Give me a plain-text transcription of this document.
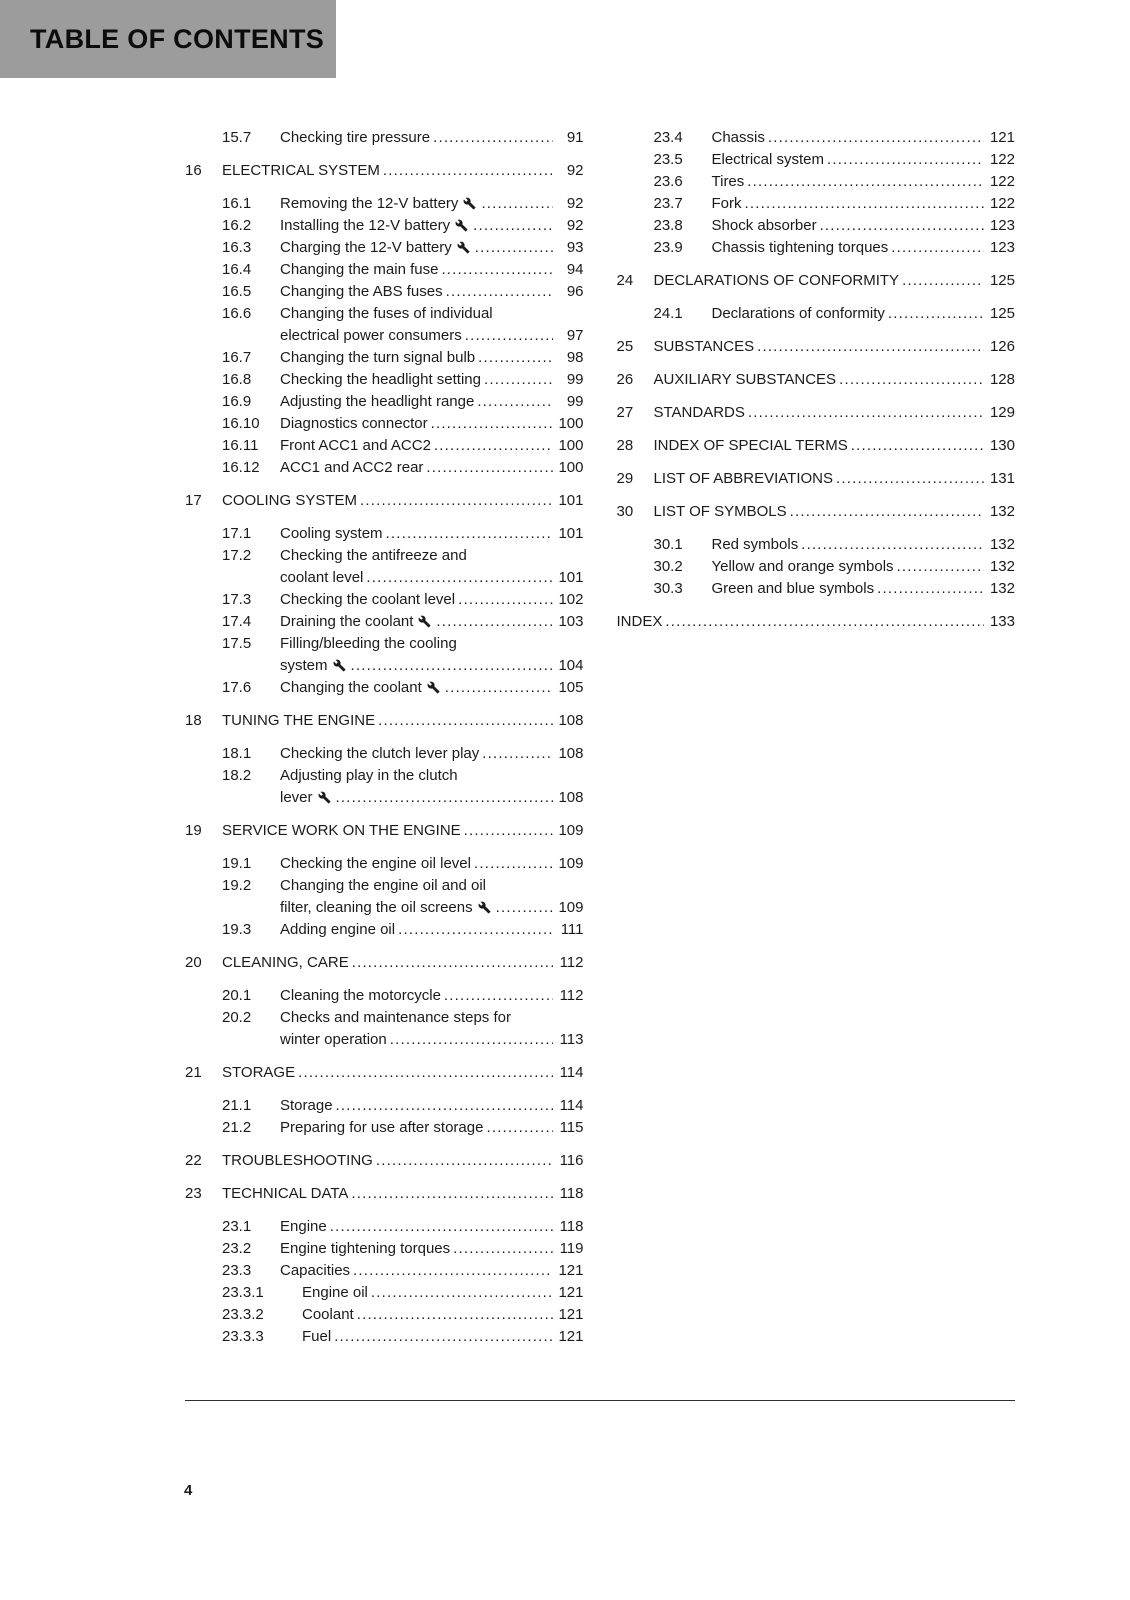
TABLE OF CONTENTS
15.7	Checking tire pressure .....	91
16	ELECTRICAL SYSTEM .....	92
16.1	Removing the 12-V battery .....	92
16.2	Installing the 12-V battery .....	92
16.3	Charging the 12-V battery .....	93
16.4	Changing the main fuse .....	94
16.5	Changing the ABS fuses .....	96
16.6	Changing the fuses of individual
electrical power consumers .....	97
16.7	Changing the turn signal bulb .....	98
16.8	Checking the headlight setting .....	99
16.9	Adjusting the headlight range .....	99
16.10	Diagnostics connector .....	100
16.11	Front ACC1 and ACC2 .....	100
16.12	ACC1 and ACC2 rear .....	100
17	COOLING SYSTEM .....	101
17.1	Cooling system .....	101
17.2	Checking the antifreeze and
coolant level .....	101
17.3	Checking the coolant level .....	102
17.4	Draining the coolant .....	103
17.5	Filling/bleeding the cooling
system .....	104
17.6	Changing the coolant .....	105
18	TUNING THE ENGINE .....	108
18.1	Checking the clutch lever play .....	108
18.2	Adjusting play in the clutch
lever .....	108
19	SERVICE WORK ON THE ENGINE .....	109
19.1	Checking the engine oil level .....	109
19.2	Changing the engine oil and oil
filter, cleaning the oil screens .....	109
19.3	Adding engine oil .....	111
20	CLEANING, CARE .....	112
20.1	Cleaning the motorcycle .....	112
20.2	Checks and maintenance steps for
winter operation .....	113
21	STORAGE .....	114
21.1	Storage .....	114
21.2	Preparing for use after storage .....	115
22	TROUBLESHOOTING .....	116
23	TECHNICAL DATA .....	118
23.1	Engine .....	118
23.2	Engine tightening torques .....	119
23.3	Capacities .....	121
23.3.1	Engine oil .....	121
23.3.2	Coolant .....	121
23.3.3	Fuel .....	121
23.4	Chassis .....	121
23.5	Electrical system .....	122
23.6	Tires .....	122
23.7	Fork .....	122
23.8	Shock absorber .....	123
23.9	Chassis tightening torques .....	123
24	DECLARATIONS OF CONFORMITY .....	125
24.1	Declarations of conformity .....	125
25	SUBSTANCES .....	126
26	AUXILIARY SUBSTANCES .....	128
27	STANDARDS .....	129
28	INDEX OF SPECIAL TERMS .....	130
29	LIST OF ABBREVIATIONS .....	131
30	LIST OF SYMBOLS .....	132
30.1	Red symbols .....	132
30.2	Yellow and orange symbols .....	132
30.3	Green and blue symbols .....	132
INDEX .....	133
4
